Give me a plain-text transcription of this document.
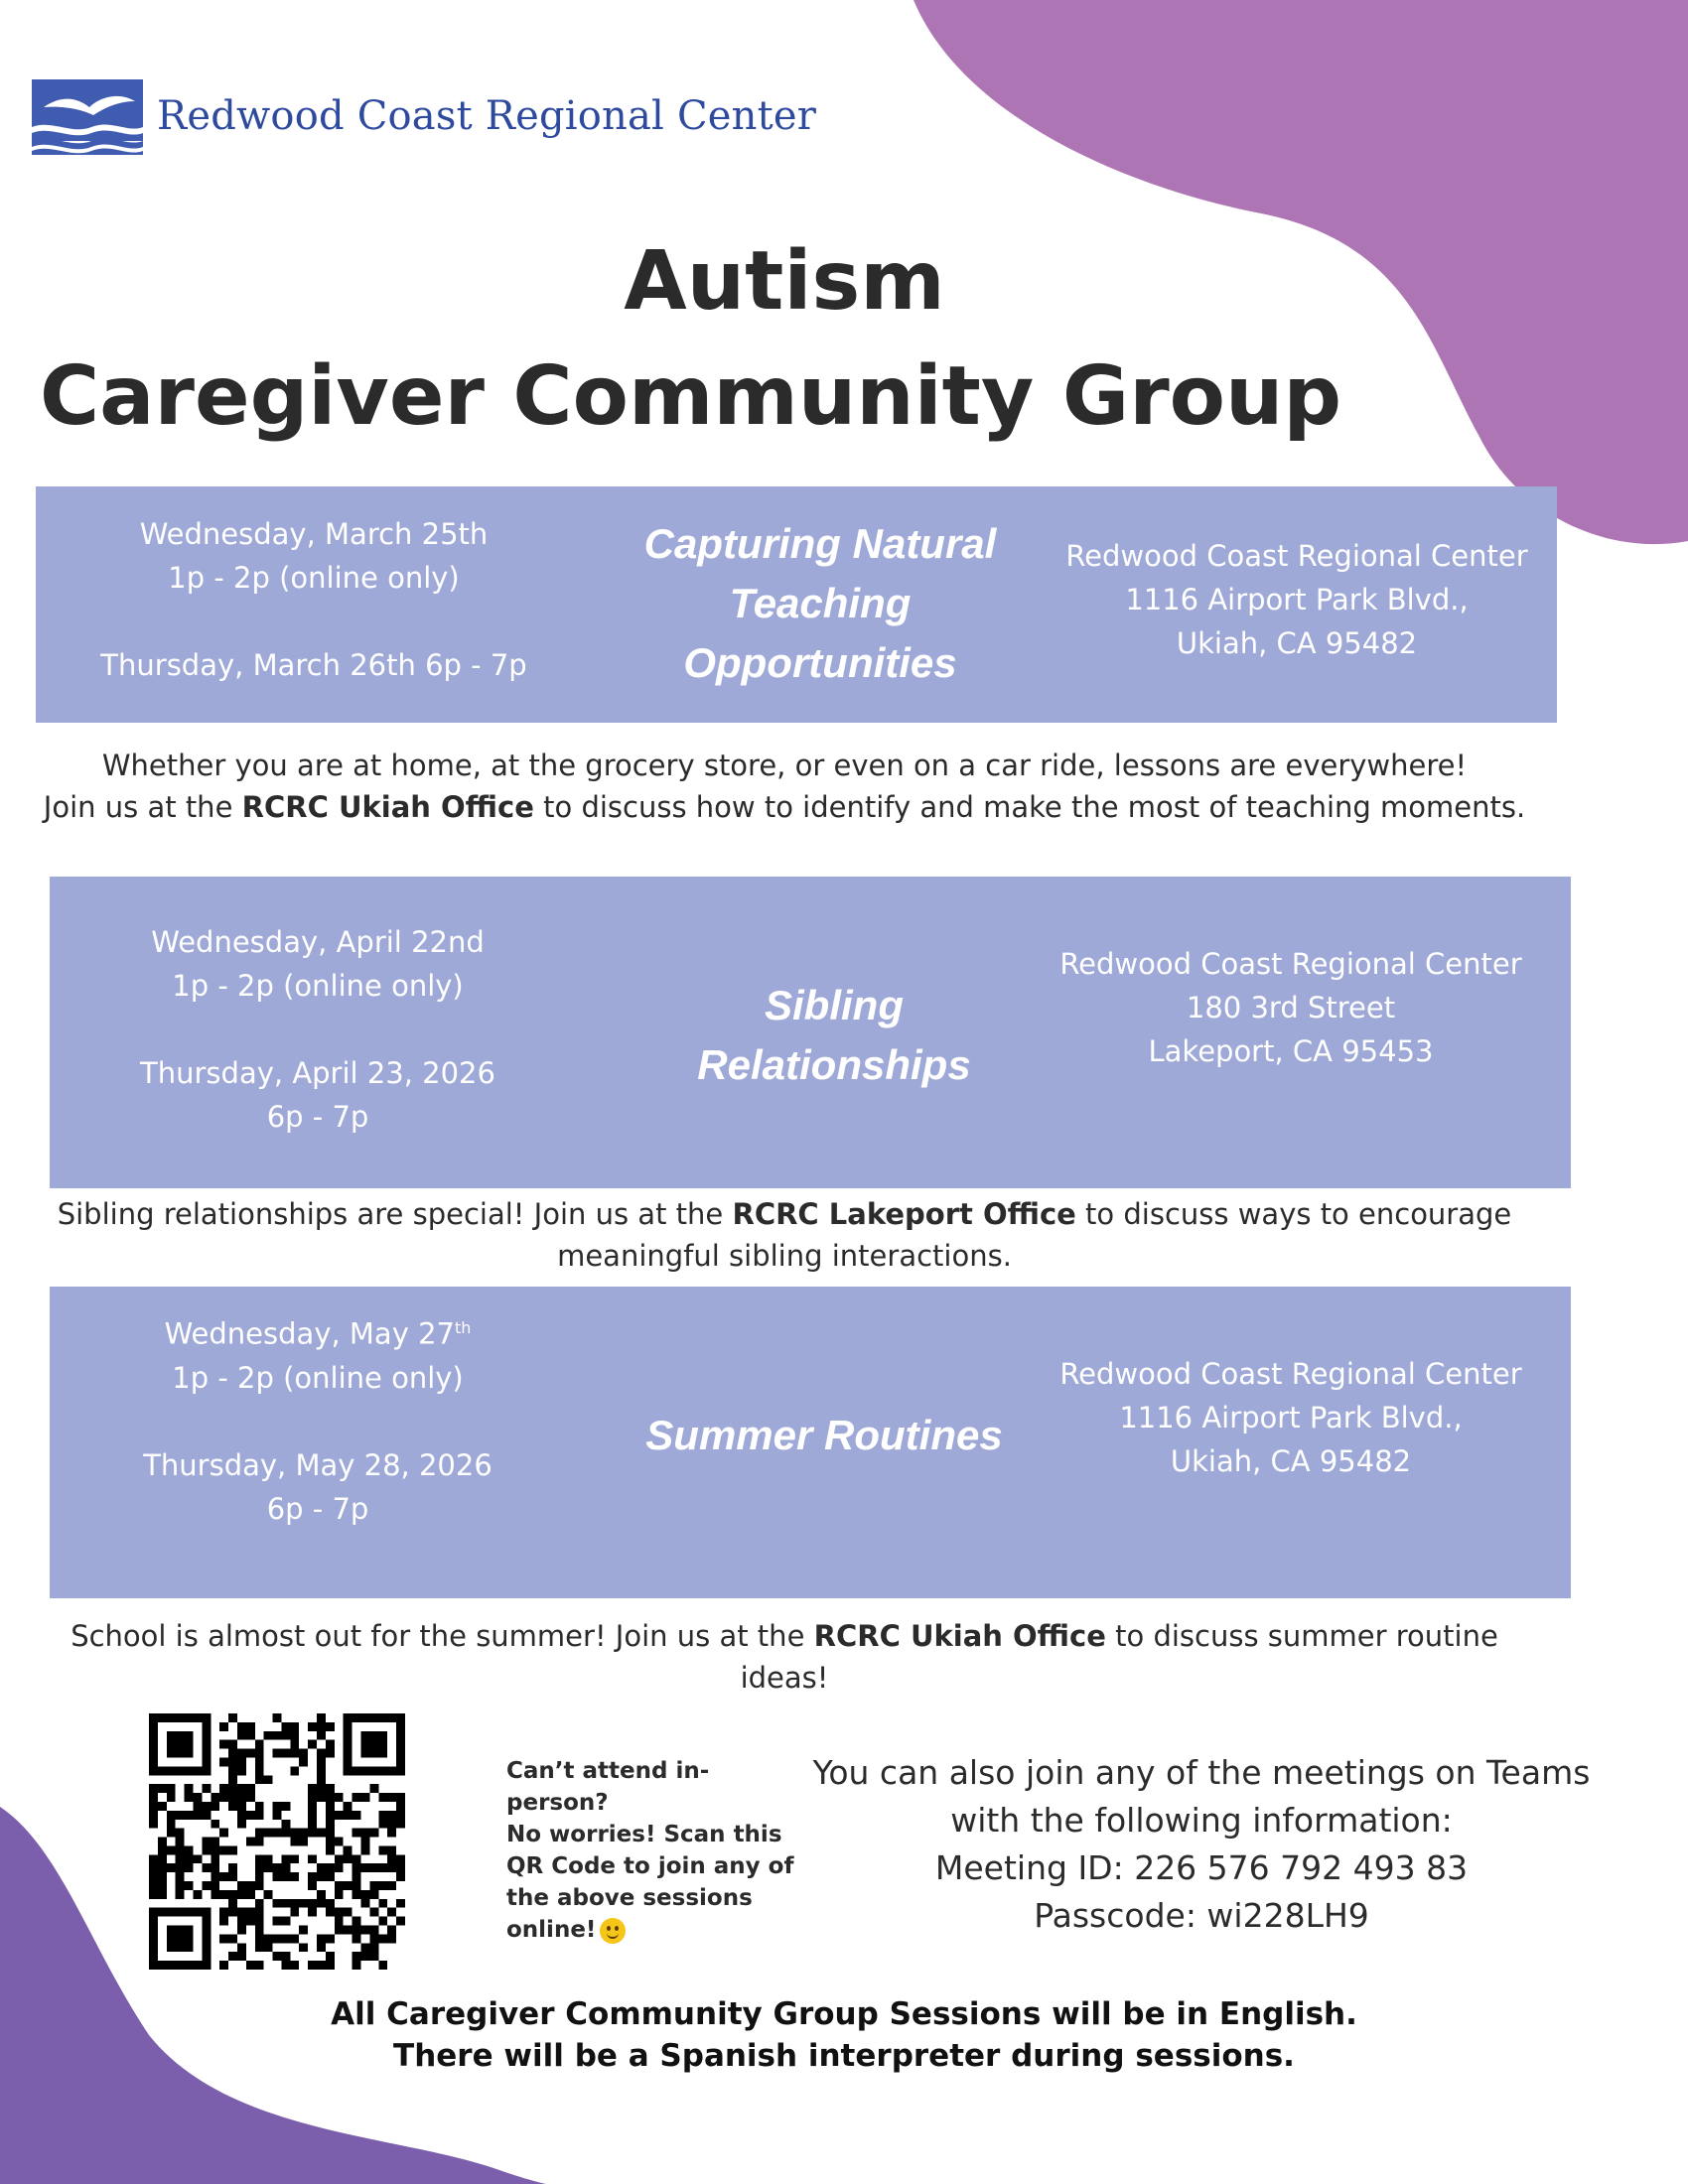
Redwood Coast Regional Center
Autism
Caregiver Community Group
Wednesday, March 25th
1p - 2p (online only)
Thursday, March 26th 6p - 7p
Capturing Natural
Teaching
Opportunities
Redwood Coast Regional Center
1116 Airport Park Blvd.,
Ukiah, CA 95482
Whether you are at home, at the grocery store, or even on a car ride, lessons are everywhere!
Join us at the RCRC Ukiah Office to discuss how to identify and make the most of teaching moments.
Wednesday, April 22nd
1p - 2p (online only)
Thursday, April 23, 2026
6p - 7p
Sibling
Relationships
Redwood Coast Regional Center
180 3rd Street
Lakeport, CA 95453
Sibling relationships are special! Join us at the RCRC Lakeport Office to discuss ways to encourage
meaningful sibling interactions.
Wednesday, May 27th
1p - 2p (online only)
Thursday, May 28, 2026
6p - 7p
Summer Routines
Redwood Coast Regional Center
1116 Airport Park Blvd.,
Ukiah, CA 95482
School is almost out for the summer! Join us at the RCRC Ukiah Office to discuss summer routine
ideas!
Can’t attend in-person?
No worries! Scan this QR Code to join any of the above sessions online!
You can also join any of the meetings on Teams
with the following information:
Meeting ID: 226 576 792 493 83
Passcode: wi228LH9
All Caregiver Community Group Sessions will be in English.
There will be a Spanish interpreter during sessions.
